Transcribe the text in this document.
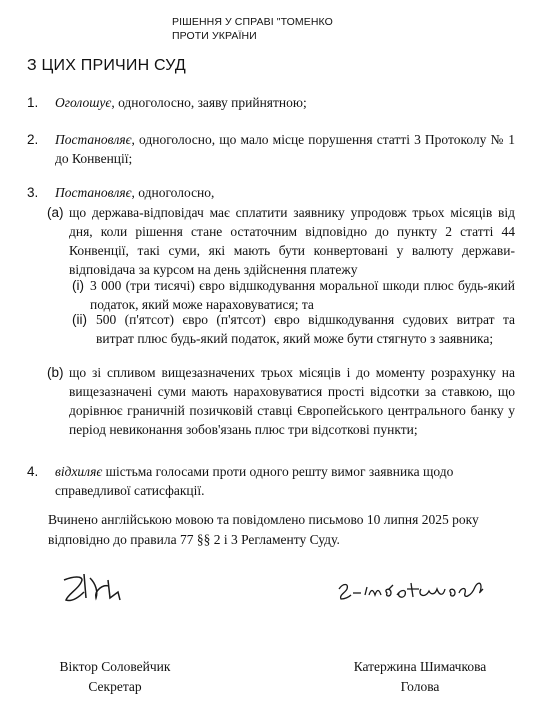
РІШЕННЯ У СПРАВІ "ТОМЕНКО
ПРОТИ УКРАЇНИ
З ЦИХ ПРИЧИН СУД
1. Оголошує, одноголосно, заяву прийнятною;
2. Постановляє, одноголосно, що мало місце порушення статті 3 Протоколу № 1 до Конвенції;
3. Постановляє, одноголосно,
(a) що держава-відповідач має сплатити заявнику упродовж трьох місяців від дня, коли рішення стане остаточним відповідно до пункту 2 статті 44 Конвенції, такі суми, які мають бути конвертовані у валюту держави-відповідача за курсом на день здійснення платежу
(i) 3 000 (три тисячі) євро відшкодування моральної шкоди плюс будь-який податок, який може нараховуватися; та
(ii) 500 (п'ятсот) євро (п'ятсот) євро відшкодування судових витрат та витрат плюс будь-який податок, який може бути стягнуто з заявника;
(b) що зі спливом вищезазначених трьох місяців і до моменту розрахунку на вищезазначені суми мають нараховуватися прості відсотки за ставкою, що дорівнює граничній позичковій ставці Європейського центрального банку у період невиконання зобов'язань плюс три відсоткові пункти;
4. відхиляє шістьма голосами проти одного решту вимог заявника щодо справедливої сатисфакції.
Вчинено англійською мовою та повідомлено письмово 10 липня 2025 року
відповідно до правила 77 §§ 2 і 3 Регламенту Суду.
Віктор Соловейчик
Секретар
Катержина Шимачкова
Голова
